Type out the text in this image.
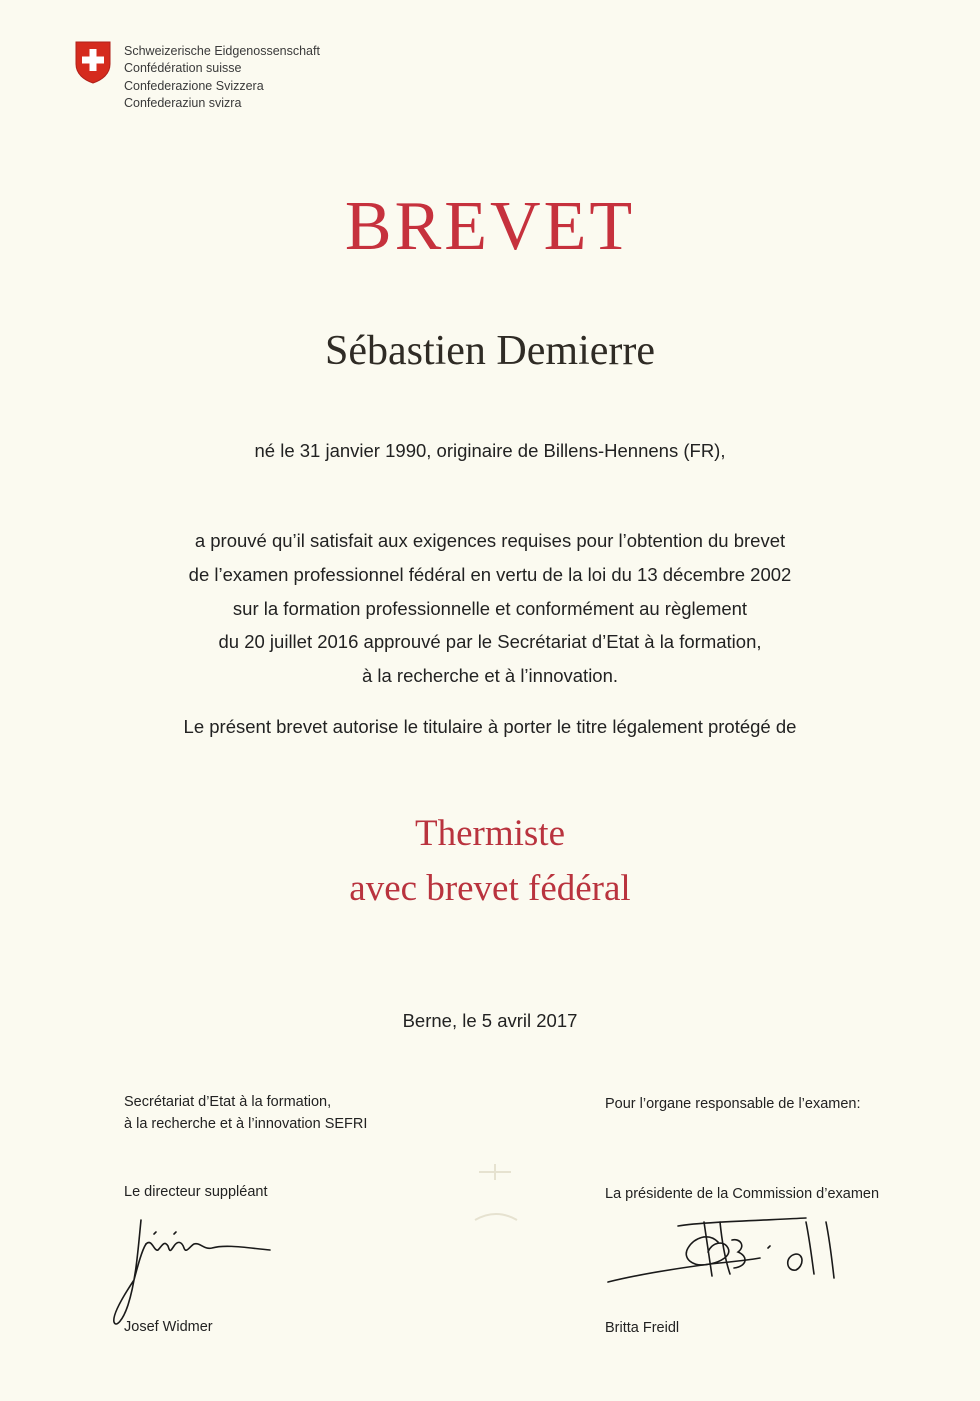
Schweizerische Eidgenossenschaft
Confédération suisse
Confederazione Svizzera
Confederaziun svizra
BREVET
Sébastien Demierre
né le 31 janvier 1990, originaire de Billens-Hennens (FR),
a prouvé qu’il satisfait aux exigences requises pour l’obtention du brevet
de l’examen professionnel fédéral en vertu de la loi du 13 décembre 2002
sur la formation professionnelle et conformément au règlement
du 20 juillet 2016 approuvé par le Secrétariat d’Etat à la formation,
à la recherche et à l’innovation.
Le présent brevet autorise le titulaire à porter le titre légalement protégé de
Thermiste
avec brevet fédéral
Berne, le 5 avril 2017
Secrétariat d’Etat à la formation,
à la recherche et à l’innovation SEFRI
Le directeur suppléant
Josef Widmer
Pour l’organe responsable de l’examen:
La présidente de la Commission d’examen
Britta Freidl
